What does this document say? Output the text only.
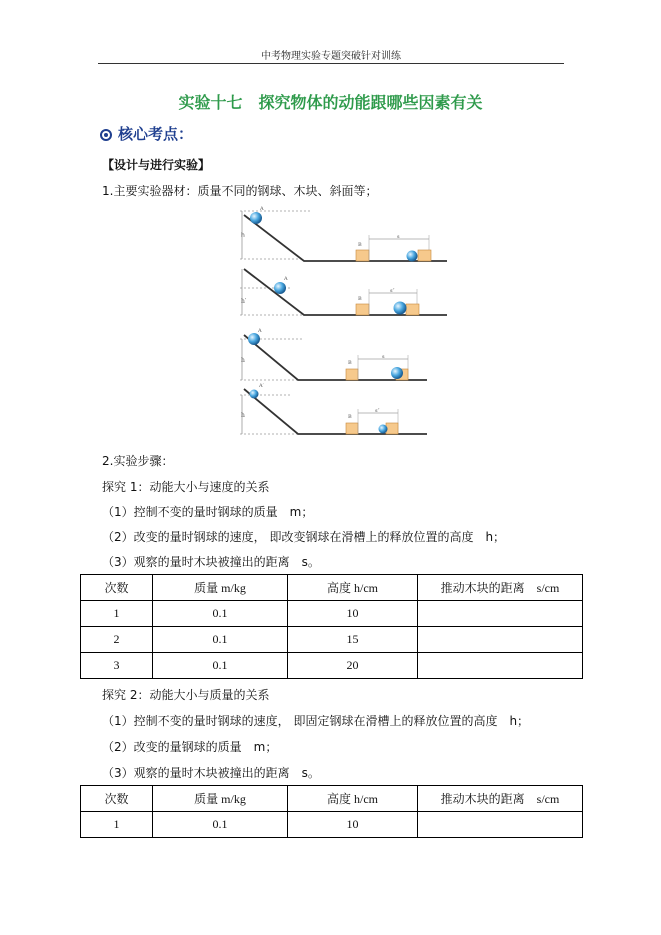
中考物理实验专题突破针对训练
实验十七　探究物体的动能跟哪些因素有关
核心考点：
【设计与进行实验】
1.主要实验器材：质量不同的钢球、木块、斜面等；
h
A
B
s
h′
A
B
s″
h
A
B
s
h
A′
B
s″
2.实验步骤：
探究 1：动能大小与速度的关系
（1）控制不变的量时钢球的质量　m；
（2）改变的量时钢球的速度， 即改变钢球在滑槽上的释放位置的高度　h；
（3）观察的量时木块被撞出的距离　s。
次数	质量 m/kg	高度 h/cm	推动木块的距离　s/cm
1	0.1	10	
2	0.1	15	
3	0.1	20	
探究 2：动能大小与质量的关系
（1）控制不变的量时钢球的速度， 即固定钢球在滑槽上的释放位置的高度　h；
（2）改变的量钢球的质量　m；
（3）观察的量时木块被撞出的距离　s。
次数	质量 m/kg	高度 h/cm	推动木块的距离　s/cm
1	0.1	10	
